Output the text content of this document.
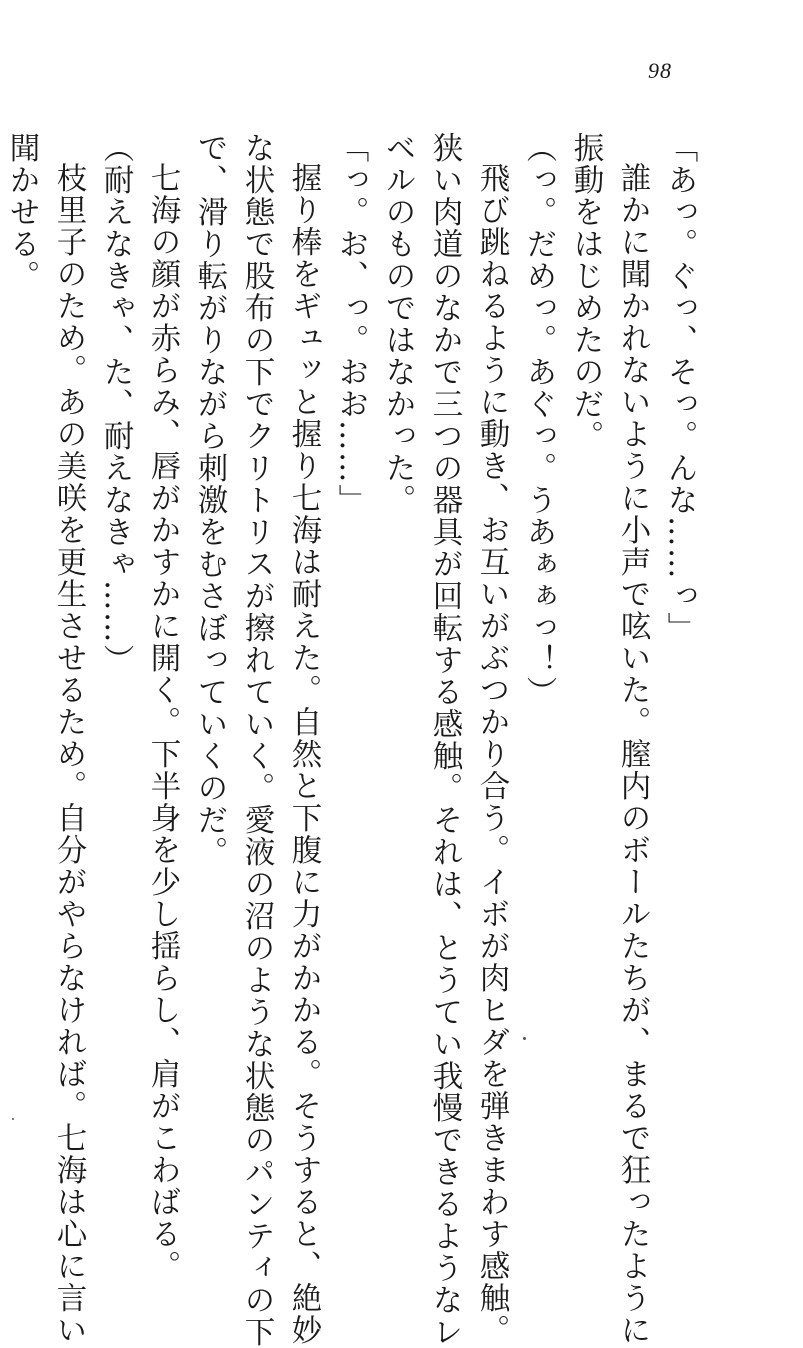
98

「あっ。ぐっ、そっ。んな……っ」

誰かに聞かれないように小声で呟いた。膣内のボールたちが、まるで狂ったように

振動をはじめたのだ。

（っ。だめっ。あぐっ。うあぁぁっ！）

飛び跳ねるように動き、お互いがぶつかり合う。イボが肉ヒダを弾きまわす感触。

狭い肉道のなかで三つの器具が回転する感触。それは、とうてい我慢できるようなレ

ベルのものではなかった。

「っ。お、っ。おお……」

握り棒をギュッと握り七海は耐えた。自然と下腹に力がかかる。そうすると、絶妙

な状態で股布の下でクリトリスが擦れていく。愛液の沼のような状態のパンティの下

で、滑り転がりながら刺激をむさぼっていくのだ。

七海の顔が赤らみ、唇がかすかに開く。下半身を少し揺らし、肩がこわばる。

（耐えなきゃ、た、耐えなきゃ……）

枝里子のため。あの美咲を更生させるため。自分がやらなければ。七海は心に言い

聞かせる。
